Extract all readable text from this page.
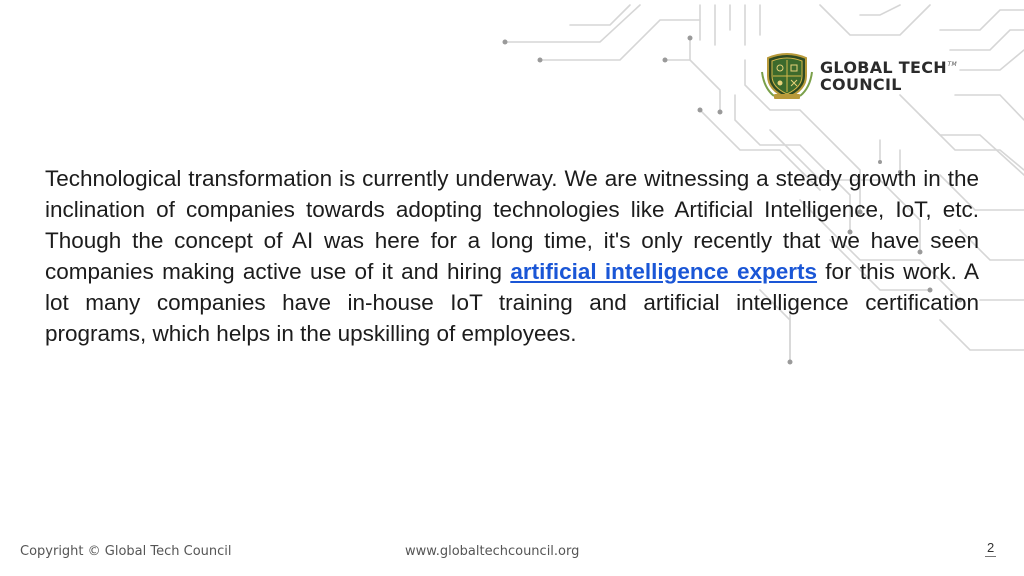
GLOBAL TECH
COUNCIL
TM

Technological transformation is currently underway. We are witnessing a steady growth in the inclination of companies towards adopting technologies like Artificial Intelligence, IoT, etc. Though the concept of AI was here for a long time, it's only recently that we have seen companies making active use of it and hiring artificial intelligence experts for this work. A lot many companies have in-house IoT training and artificial intelligence certification programs, which helps in the upskilling of employees.

Copyright © Global Tech Council	www.globaltechcouncil.org	2
